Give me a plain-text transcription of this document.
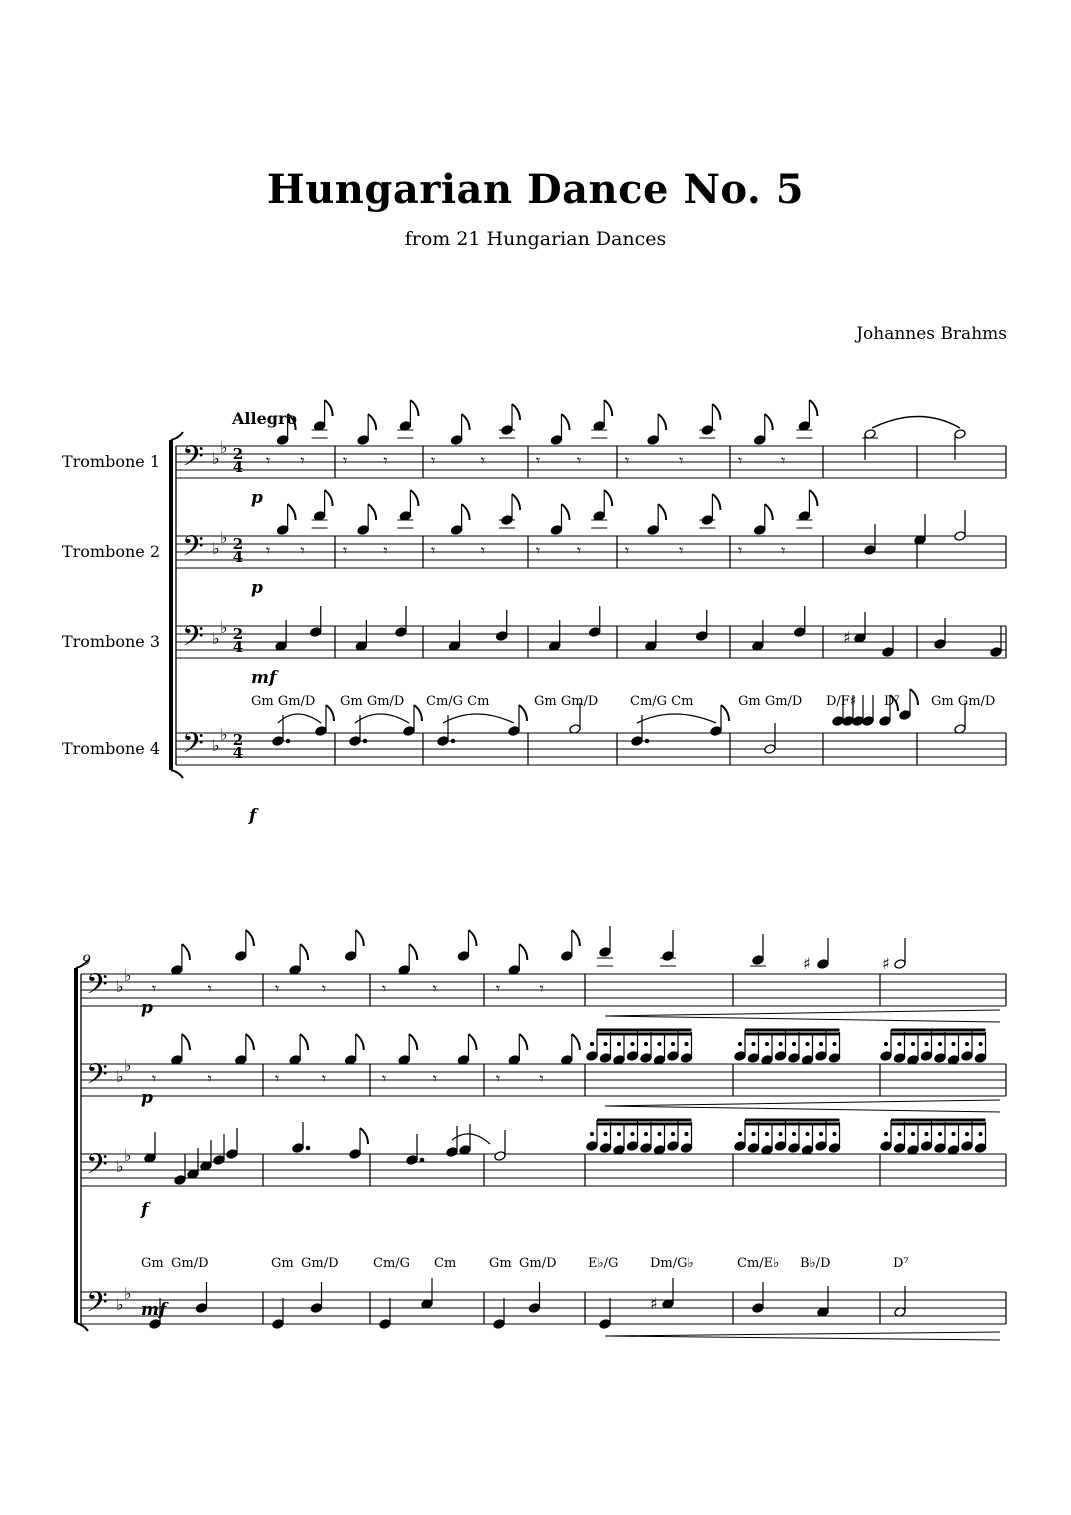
Hungarian Dance No. 5
from 21 Hungarian Dances
Johannes Brahms
𝄢 ♭
♭
𝄢 ♭
♭
𝄢 ♭
♭
𝄢 ♭
♭
𝄾 𝄾 𝄾 𝄾	𝄾	𝄾	𝄾 𝄾	𝄾	𝄾	𝄾 𝄾
𝄾 𝄾 𝄾 𝄾	𝄾	𝄾	𝄾 𝄾	𝄾	𝄾	𝄾 𝄾
♯
𝄢 ♭
♭
𝄢 ♭
♭
𝄢 ♭
♭
𝄢 ♭
♭
𝄾	𝄾	𝄾	𝄾	𝄾	𝄾	𝄾 𝄾
𝄾	𝄾	𝄾	𝄾	𝄾	𝄾	𝄾 𝄾
♯	♯
♯
Allegro
Trombone 1
Trombone 2
Trombone 3
Trombone 4
9
2
4
2
4
2
4
2
4
p
p
mf
f
p
p
f
mf
Gm Gm/D Gm Gm/D Cm/G Cm	Gm Gm/D Cm/G Cm	Gm Gm/D D/F♯ D⁷ Gm Gm/D
Gm Gm/D	Gm Gm/D	Cm/G Cm	Gm Gm/D E♭/G Dm/G♭	Cm/E♭ B♭/D	D⁷
